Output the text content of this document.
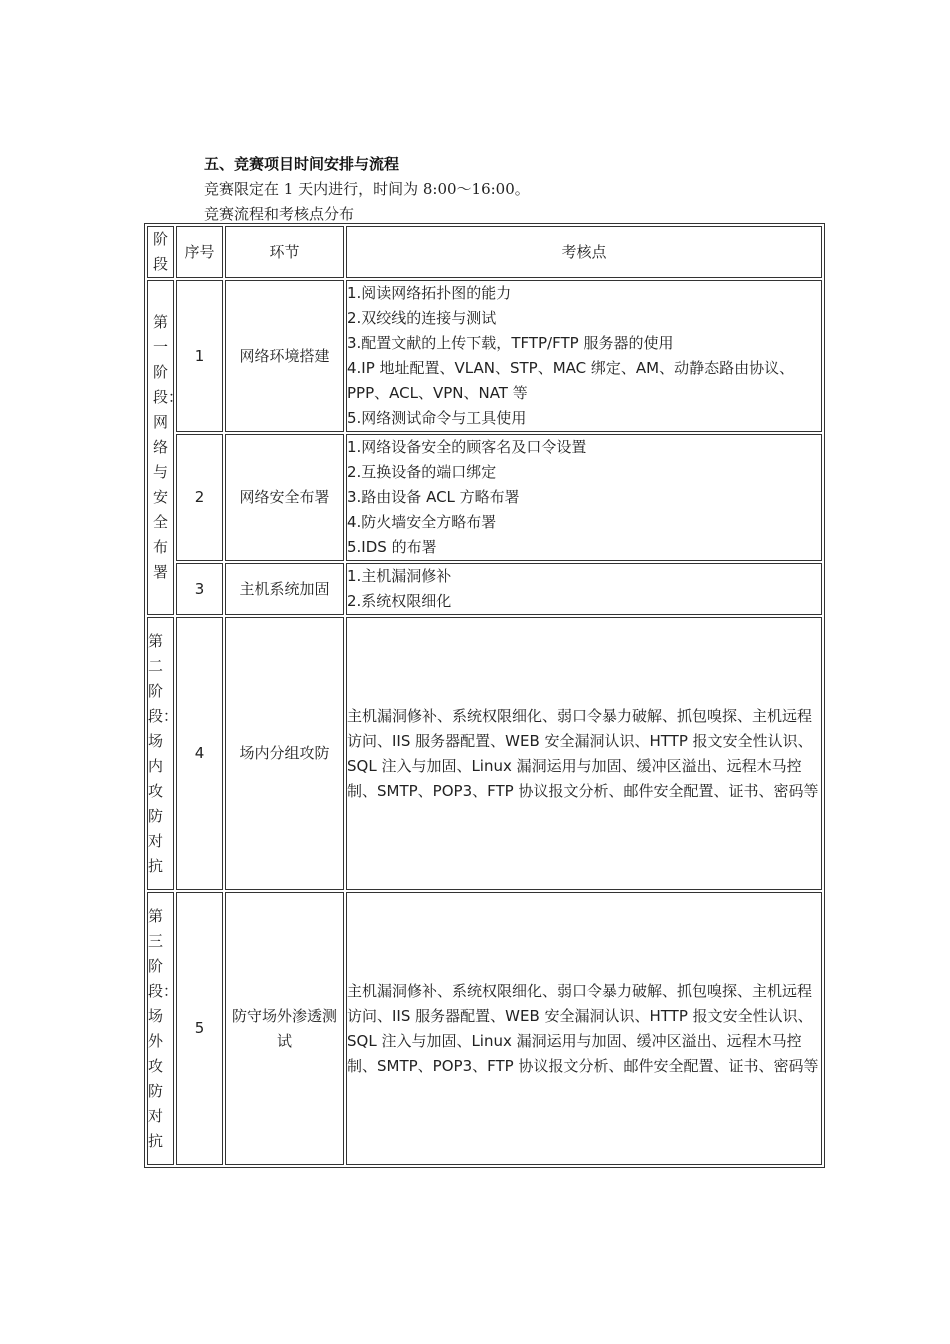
五、竞赛项目时间安排与流程
竞赛限定在 1 天内进行，时间为 8:00～16:00。
竞赛流程和考核点分布
阶段	序号	环节	考核点

第一阶段：网络与安全布署	1	网络环境搭建	1.阅读网络拓扑图的能力
2.双绞线的连接与测试
3.配置文献的上传下载，TFTP/FTP 服务器的使用
4.IP 地址配置、VLAN、STP、MAC 绑定、AM、动静态路由协议、PPP、ACL、VPN、NAT 等
5.网络测试命令与工具使用

	2	网络安全布署	1.网络设备安全的顾客名及口令设置
2.互换设备的端口绑定
3.路由设备 ACL 方略布署
4.防火墙安全方略布署
5.IDS 的布署

	3	主机系统加固	1.主机漏洞修补
2.系统权限细化

第二阶段：场内攻防对抗	4	场内分组攻防	主机漏洞修补、系统权限细化、弱口令暴力破解、抓包嗅探、主机远程访问、IIS 服务器配置、WEB 安全漏洞认识、HTTP 报文安全性认识、SQL 注入与加固、Linux 漏洞运用与加固、缓冲区溢出、远程木马控制、SMTP、POP3、FTP 协议报文分析、邮件安全配置、证书、密码等

第三阶段：场外攻防对抗	5	防守场外渗透测试	主机漏洞修补、系统权限细化、弱口令暴力破解、抓包嗅探、主机远程访问、IIS 服务器配置、WEB 安全漏洞认识、HTTP 报文安全性认识、SQL 注入与加固、Linux 漏洞运用与加固、缓冲区溢出、远程木马控制、SMTP、POP3、FTP 协议报文分析、邮件安全配置、证书、密码等
